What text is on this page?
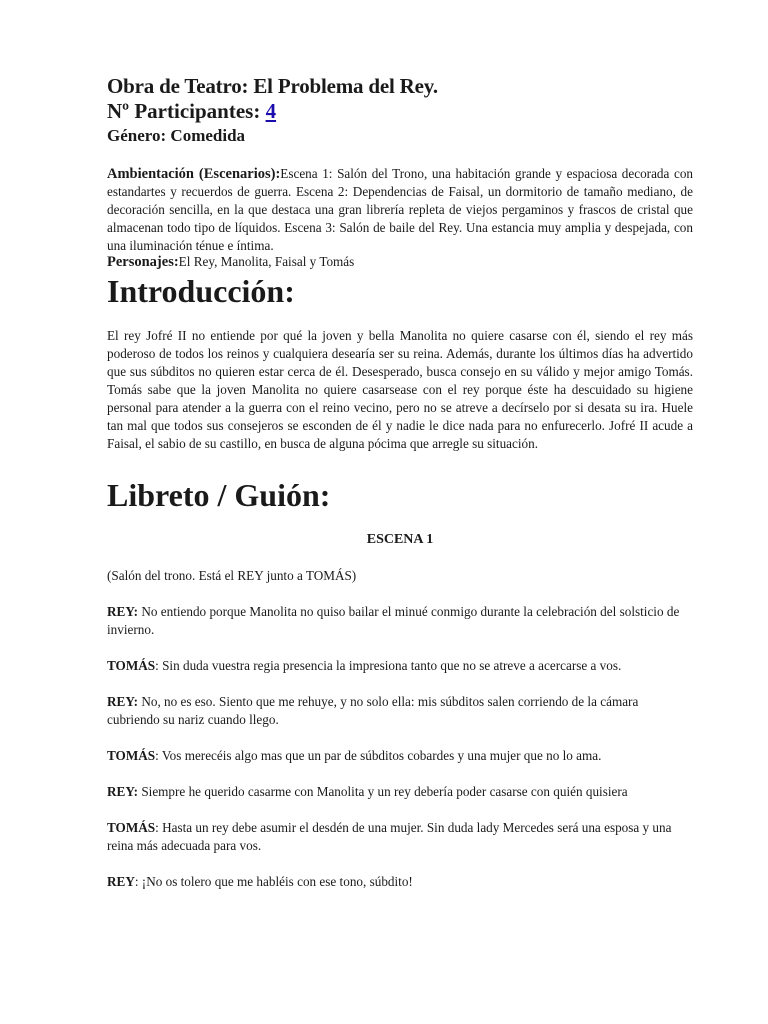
Obra de Teatro: El Problema del Rey.

Nº Participantes: 4

Género: Comedida

Ambientación (Escenarios):Escena 1: Salón del Trono, una habitación grande y espaciosa decorada con estandartes y recuerdos de guerra. Escena 2: Dependencias de Faisal, un dormitorio de tamaño mediano, de decoración sencilla, en la que destaca una gran librería repleta de viejos pergaminos y frascos de cristal que almacenan todo tipo de líquidos. Escena 3: Salón de baile del Rey. Una estancia muy amplia y despejada, con una iluminación ténue e íntima.
Personajes:El Rey, Manolita, Faisal y Tomás

Introducción:

El rey Jofré II no entiende por qué la joven y bella Manolita no quiere casarse con él, siendo el rey más poderoso de todos los reinos y cualquiera desearía ser su reina. Además, durante los últimos días ha advertido que sus súbditos no quieren estar cerca de él. Desesperado, busca consejo en su válido y mejor amigo Tomás. Tomás sabe que la joven Manolita no quiere casarsease con el rey porque éste ha descuidado su higiene personal para atender a la guerra con el reino vecino, pero no se atreve a decírselo por si desata su ira. Huele tan mal que todos sus consejeros se esconden de él y nadie le dice nada para no enfurecerlo. Jofré II acude a Faisal, el sabio de su castillo, en busca de alguna pócima que arregle su situación.

Libreto / Guión:

ESCENA 1

(Salón del trono. Está el REY junto a TOMÁS)

REY: No entiendo porque Manolita no quiso bailar el minué conmigo durante la celebración del solsticio de invierno.

TOMÁS: Sin duda vuestra regia presencia la impresiona tanto que no se atreve a acercarse a vos.

REY: No, no es eso. Siento que me rehuye, y no solo ella: mis súbditos salen corriendo de la cámara cubriendo su nariz cuando llego.

TOMÁS: Vos merecéis algo mas que un par de súbditos cobardes y una mujer que no lo ama.

REY: Siempre he querido casarme con Manolita y un rey debería poder casarse con quién quisiera

TOMÁS: Hasta un rey debe asumir el desdén de una mujer. Sin duda lady Mercedes será una esposa y una reina más adecuada para vos.

REY: ¡No os tolero que me habléis con ese tono, súbdito!
